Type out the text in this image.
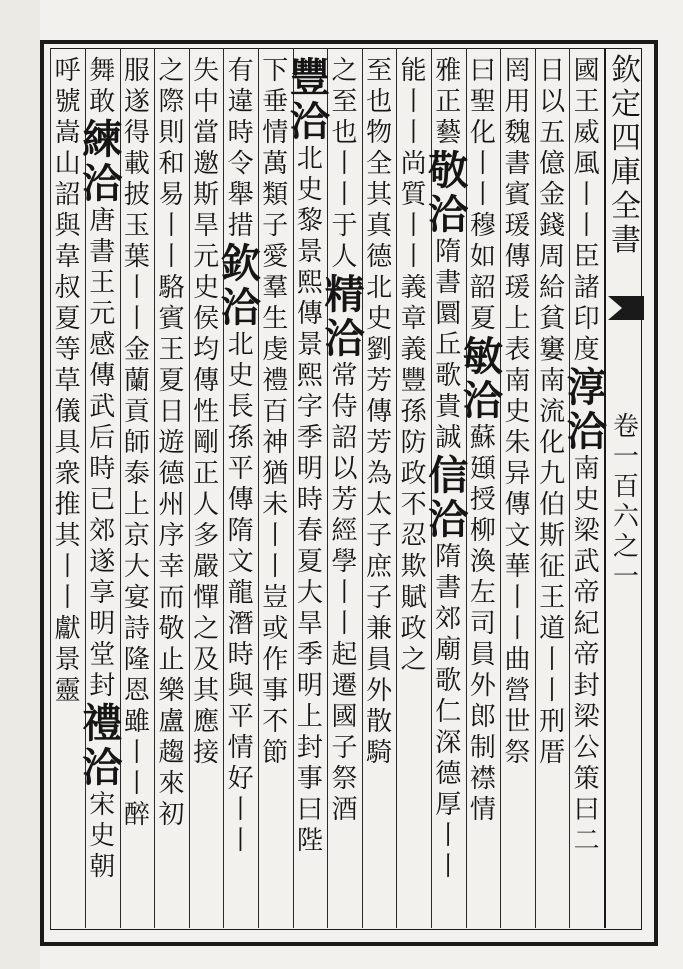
欽
定
四
庫
全
書
卷
一
百
六
之
一
國
王
威
風
丨
丨
臣
諸
印
度
淳
洽
南
史
梁
武
帝
紀
帝
封
梁
公
策
曰
二
日
以
五
億
金
錢
周
給
貧
窶
南
流
化
九
伯
斯
征
王
道
丨
丨
刑
厝
罔
用
魏
書
賓
瑗
傳
瑗
上
表
南
史
朱
异
傳
文
華
丨
丨
曲
營
世
祭
曰
聖
化
丨
丨
穆
如
韶
夏
敏
洽
蘇
頲
授
柳
渙
左
司
員
外
郎
制
襟
情
雅
正
藝
敬
洽
隋
書
圜
丘
歌
貴
誠
信
洽
隋
書
郊
廟
歌
仁
深
德
厚
丨
丨
能
丨
丨
尚
質
丨
丨
義
章
義
豐
孫
防
政
不
忍
欺
賦
政
之
至
也
物
全
其
真
德
北
史
劉
芳
傳
芳
為
太
子
庶
子
兼
員
外
散
騎
之
至
也
丨
丨
于
人
精
洽
常
侍
詔
以
芳
經
學
丨
丨
起
遷
國
子
祭
酒
豐
洽
北
史
黎
景
熙
傳
景
熙
字
季
明
時
春
夏
大
旱
季
明
上
封
事
曰
陛
下
垂
情
萬
類
子
愛
羣
生
虔
禮
百
神
猶
未
丨
丨
豈
或
作
事
不
節
有
違
時
令
舉
措
欽
洽
北
史
長
孫
平
傳
隋
文
龍
潛
時
與
平
情
好
丨
丨
失
中
當
邀
斯
旱
元
史
侯
均
傳
性
剛
正
人
多
嚴
憚
之
及
其
應
接
之
際
則
和
易
丨
丨
駱
賓
王
夏
日
遊
德
州
序
幸
而
敬
止
樂
盧
趨
來
初
服
遂
得
載
披
玉
葉
丨
丨
金
蘭
貢
師
泰
上
京
大
宴
詩
隆
恩
雖
丨
丨
醉
舞
敢
練
洽
唐
書
王
元
感
傳
武
后
時
已
郊
遂
享
明
堂
封
禮
洽
宋
史
朝
呼
號
嵩
山
詔
與
韋
叔
夏
等
草
儀
具
衆
推
其
丨
丨
獻
景
靈
